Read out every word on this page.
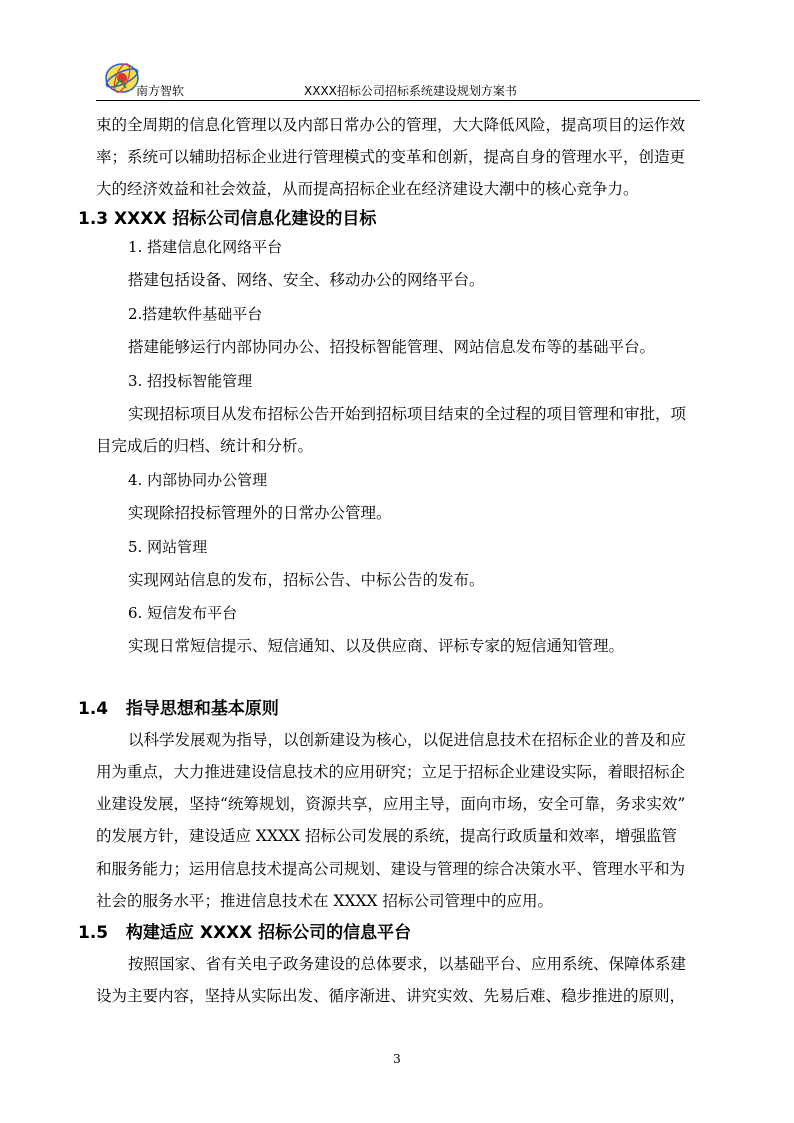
南方智软	XXXX招标公司招标系统建设规划方案书
束的全周期的信息化管理以及内部日常办公的管理，大大降低风险，提高项目的运作效
率；系统可以辅助招标企业进行管理模式的变革和创新，提高自身的管理水平，创造更
大的经济效益和社会效益，从而提高招标企业在经济建设大潮中的核心竞争力。
1.3 XXXX 招标公司信息化建设的目标
1. 搭建信息化网络平台
搭建包括设备、网络、安全、移动办公的网络平台。
2.搭建软件基础平台
搭建能够运行内部协同办公、招投标智能管理、网站信息发布等的基础平台。
3. 招投标智能管理
实现招标项目从发布招标公告开始到招标项目结束的全过程的项目管理和审批，项
目完成后的归档、统计和分析。
4. 内部协同办公管理
实现除招投标管理外的日常办公管理。
5. 网站管理
实现网站信息的发布，招标公告、中标公告的发布。
6. 短信发布平台
实现日常短信提示、短信通知、以及供应商、评标专家的短信通知管理。
1.4 指导思想和基本原则
以科学发展观为指导，以创新建设为核心，以促进信息技术在招标企业的普及和应
用为重点，大力推进建设信息技术的应用研究；立足于招标企业建设实际，着眼招标企
业建设发展，坚持“统筹规划，资源共享，应用主导，面向市场，安全可靠，务求实效”
的发展方针，建设适应 XXXX 招标公司发展的系统，提高行政质量和效率，增强监管
和服务能力；运用信息技术提高公司规划、建设与管理的综合决策水平、管理水平和为
社会的服务水平；推进信息技术在 XXXX 招标公司管理中的应用。
1.5 构建适应 XXXX 招标公司的信息平台
按照国家、省有关电子政务建设的总体要求，以基础平台、应用系统、保障体系建
设为主要内容，坚持从实际出发、循序渐进、讲究实效、先易后难、稳步推进的原则，
3
